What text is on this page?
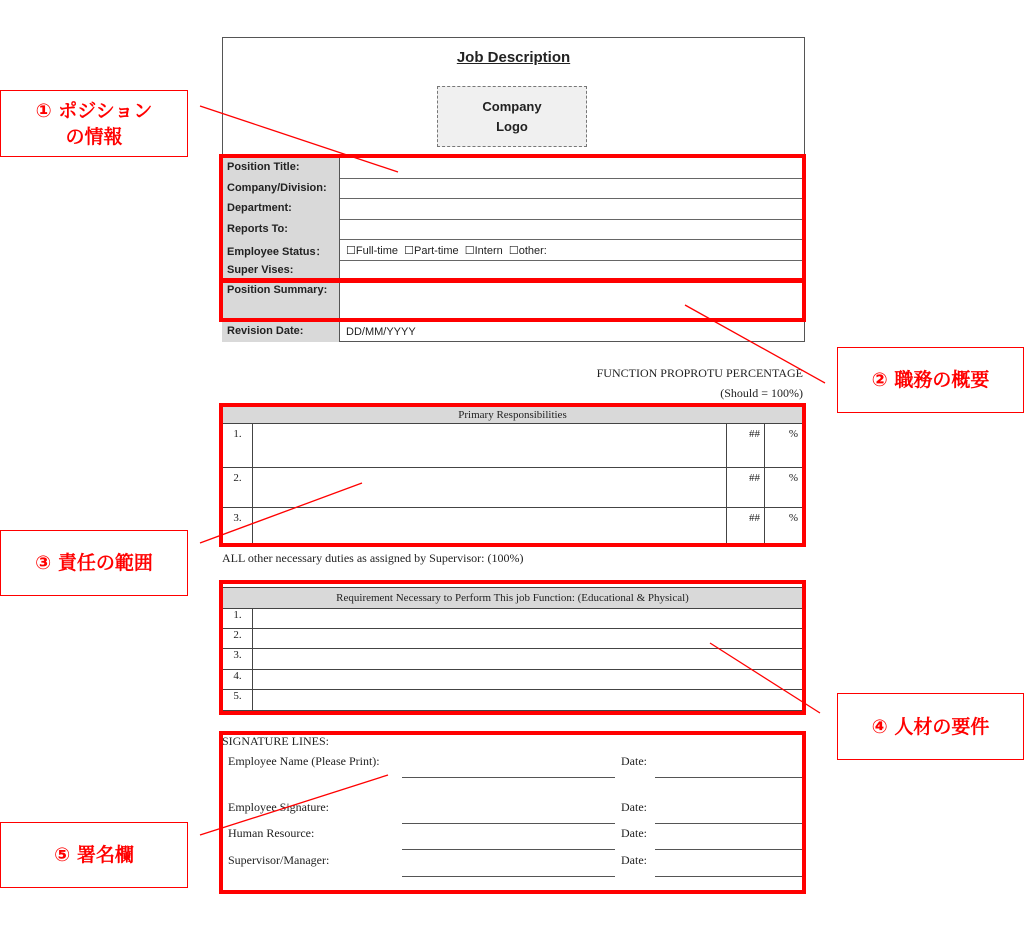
Job Description
Company
Logo
Position Title:
Company/Division:
Department:
Reports To:
Employee Status：	☐Full-time  ☐Part-time  ☐Intern  ☐other:
Super Vises:
Position Summary:
Revision Date:	DD/MM/YYYY
FUNCTION PROPROTU PERCENTAGE
(Should = 100%)
Primary Responsibilities			
1.		##	%
2.		##	%
3.		##	%
ALL other necessary duties as assigned by Supervisor: (100%)
Requirement Necessary to Perform This job Function: (Educational & Physical)	
1.	
2.	
3.	
4.	
5.	
SIGNATURE LINES:
Employee Name (Please Print):	Date:
Employee Signature:	Date:
Human Resource:	Date:
Supervisor/Manager:	Date:
① ポジション
の情報
② 職務の概要
③ 責任の範囲
④ 人材の要件
⑤ 署名欄
